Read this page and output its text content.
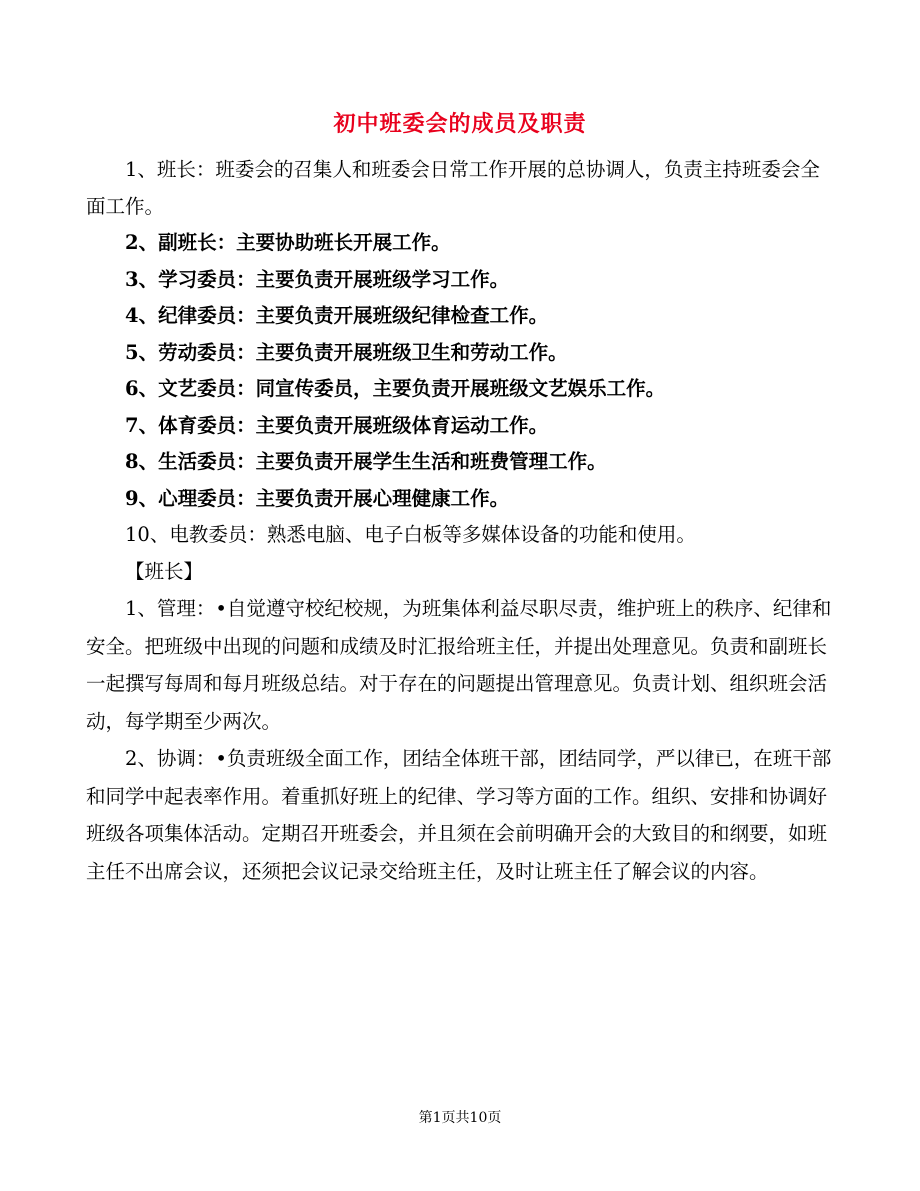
初中班委会的成员及职责

1、班长：班委会的召集人和班委会日常工作开展的总协调人，负责主持班委会全面工作。

2、副班长：主要协助班长开展工作。

3、学习委员：主要负责开展班级学习工作。

4、纪律委员：主要负责开展班级纪律检查工作。

5、劳动委员：主要负责开展班级卫生和劳动工作。

6、文艺委员：同宣传委员，主要负责开展班级文艺娱乐工作。

7、体育委员：主要负责开展班级体育运动工作。

8、生活委员：主要负责开展学生生活和班费管理工作。

9、心理委员：主要负责开展心理健康工作。

10、电教委员：熟悉电脑、电子白板等多媒体设备的功能和使用。

【班长】

1、管理：•自觉遵守校纪校规，为班集体利益尽职尽责，维护班上的秩序、纪律和安全。把班级中出现的问题和成绩及时汇报给班主任，并提出处理意见。负责和副班长一起撰写每周和每月班级总结。对于存在的问题提出管理意见。负责计划、组织班会活动，每学期至少两次。

2、协调：•负责班级全面工作，团结全体班干部，团结同学，严以律已，在班干部和同学中起表率作用。着重抓好班上的纪律、学习等方面的工作。组织、安排和协调好班级各项集体活动。定期召开班委会，并且须在会前明确开会的大致目的和纲要，如班主任不出席会议，还须把会议记录交给班主任，及时让班主任了解会议的内容。

第1页共10页
